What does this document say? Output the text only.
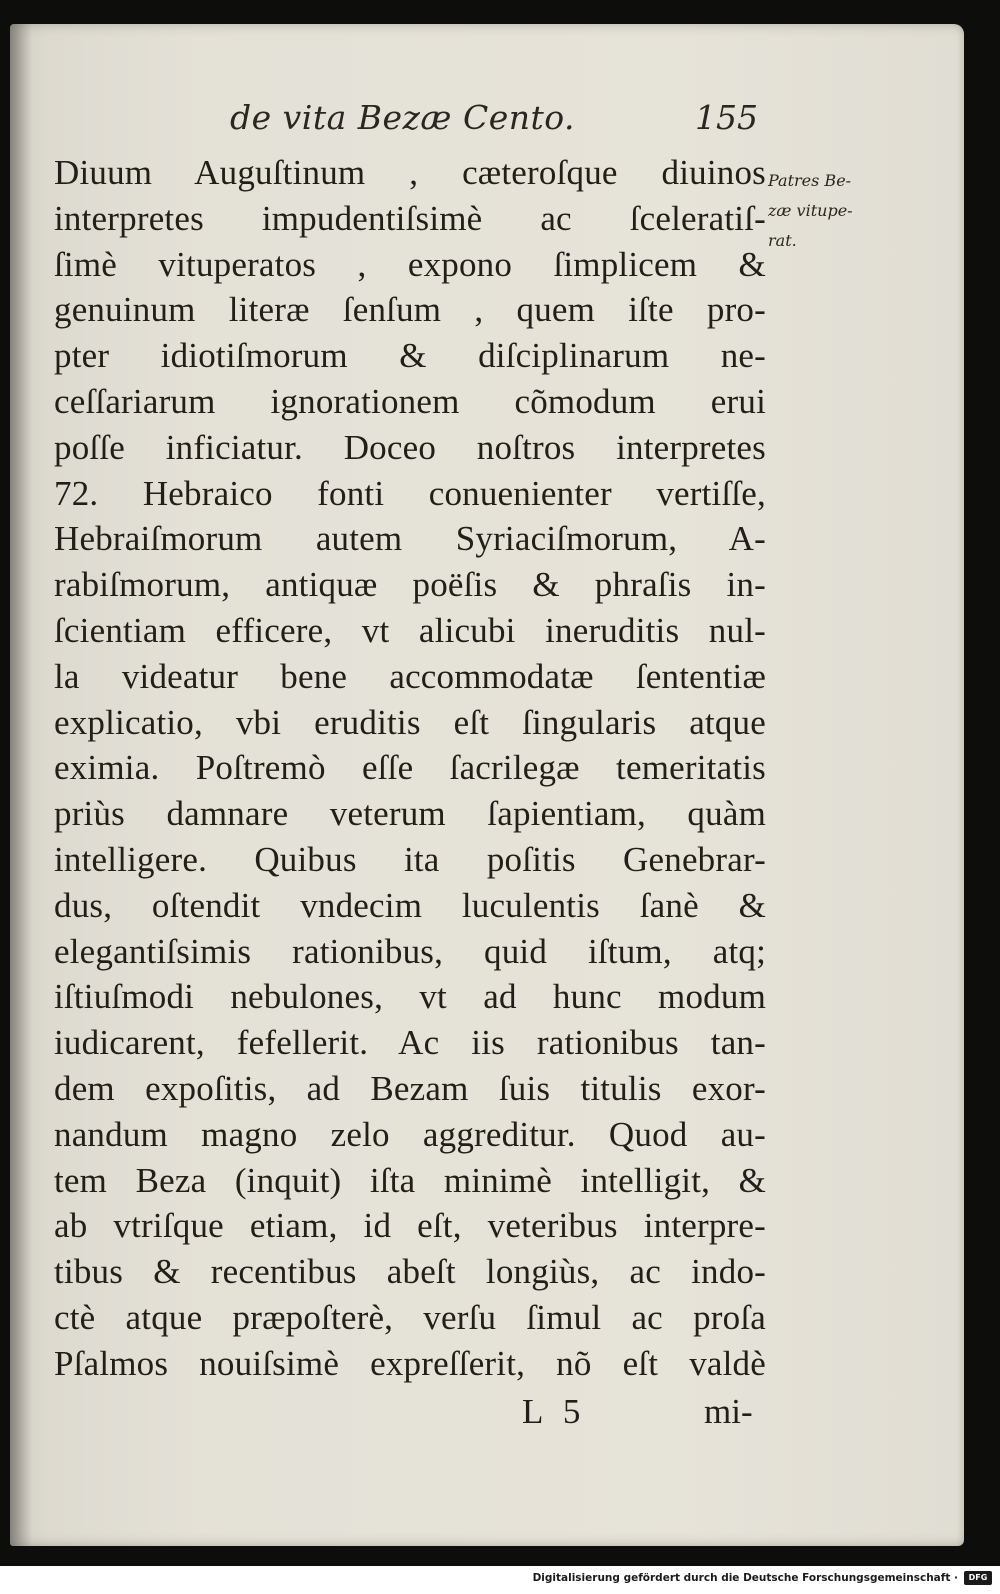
de vita Bezæ Cento.	155
Patres Be-
zæ vitupe-
rat.
Diuum Auguſtinum , cæteroſque diuinos
interpretes impudentiſsimè ac ſceleratiſ-
ſimè vituperatos , expono ſimplicem &
genuinum literæ ſenſum , quem iſte pro-
pter idiotiſmorum & diſciplinarum ne-
ceſſariarum ignorationem cõmodum erui
poſſe inficiatur. Doceo noſtros interpretes
72. Hebraico fonti conuenienter vertiſſe,
Hebraiſmorum autem Syriaciſmorum, A-
rabiſmorum, antiquæ poëſis & phraſis in-
ſcientiam efficere, vt alicubi ineruditis nul-
la videatur bene accommodatæ ſententiæ
explicatio, vbi eruditis eſt ſingularis atque
eximia. Poſtremò eſſe ſacrilegæ temeritatis
priùs damnare veterum ſapientiam, quàm
intelligere. Quibus ita poſitis Genebrar-
dus, oſtendit vndecim luculentis ſanè &
elegantiſsimis rationibus, quid iſtum, atq;
iſtiuſmodi nebulones, vt ad hunc modum
iudicarent, fefellerit. Ac iis rationibus tan-
dem expoſitis, ad Bezam ſuis titulis exor-
nandum magno zelo aggreditur. Quod au-
tem Beza (inquit) iſta minimè intelligit, &
ab vtriſque etiam, id eſt, veteribus interpre-
tibus & recentibus abeſt longiùs, ac indo-
ctè atque præpoſterè, verſu ſimul ac proſa
Pſalmos nouiſsimè expreſſerit, nõ eſt valdè
L 5	mi-
Digitalisierung gefördert durch die Deutsche Forschungsgemeinschaft ·	DFG
